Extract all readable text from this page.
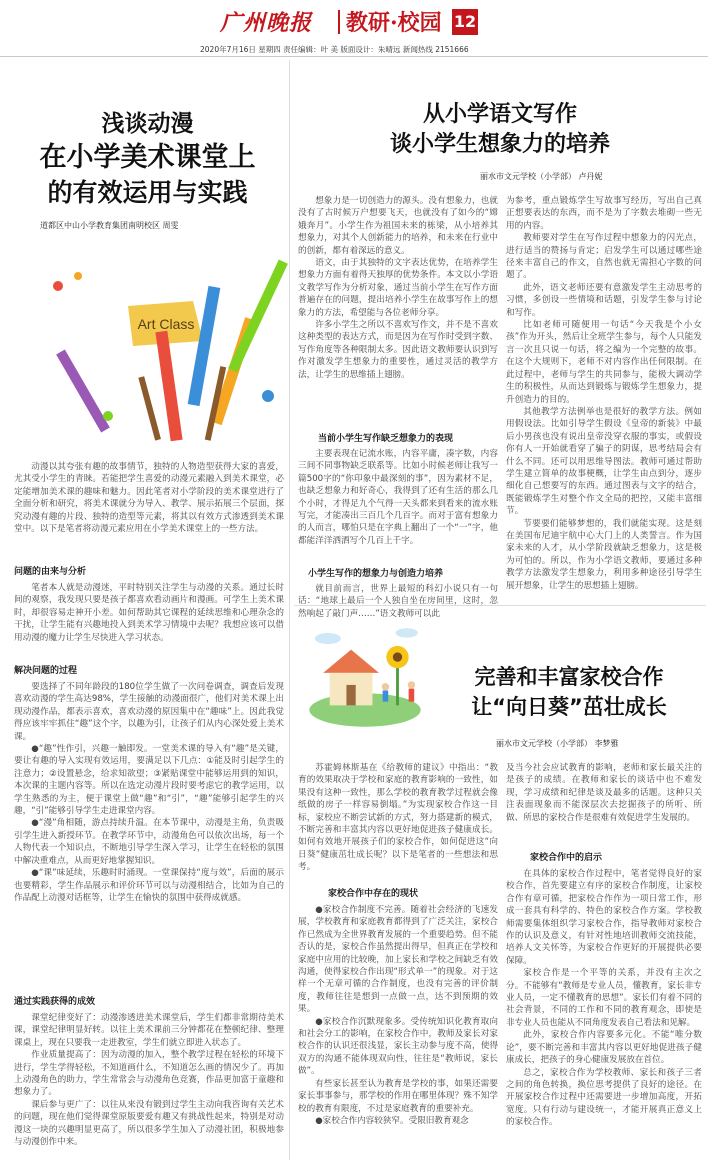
广州晚报 教研·校园 12
2020年7月16日 星期四 责任编辑：叶 美 版面设计：朱晴远 新闻热线 2151666
浅谈动漫
在小学美术课堂上
的有效运用与实践
道都区中山小学教育集团南明校区 周雯
Art Class

动漫以其夸张有趣的故事情节，独特的人物造型获得大家的喜爱，尤其受小学生的青睐。若能把学生喜爱的动漫元素融入到美术课堂，必定能增加美术课的趣味和魅力。因此笔者对小学阶段的美术课堂进行了全面分析和研究，将美术课就分为导入、教学、展示拓展三个层面，探究动漫有趣的片段、独特的造型等元素，将其以有效方式渗透到美术课堂中。以下是笔者将动漫元素应用在小学美术课堂上的一些方法。

问题的由来与分析

笔者本人就是动漫迷，平时特别关注学生与动漫的关系。通过长时间的观察，我发现只要是孩子都喜欢看动画片和漫画。可学生上美术课时，却很容易走神开小差。如何帮助其它课程的延续思维和心理杂念的干扰，让学生能有兴趣地投入到美术学习情境中去呢？我想应该可以借用动漫的魔力让学生尽快进入学习状态。

解决问题的过程

要选择了不同年龄段的180位学生做了一次问卷调查，调查后发现喜欢动漫的学生高达98%，学生接触的动漫面很广，他们对美术课上出现动漫作品，都表示喜欢，喜欢动漫的原因集中在“趣味”上。因此我觉得应该牢牢抓住“趣”这个字，以趣为引，让孩子们从内心深处爱上美术课。

●“趣”性作引，兴趣一触即发。一堂美术课的导入有“趣”是关键，要让有趣的导入实现有效运用，要满足以下几点：①能及时引起学生的注意力；②设置悬念，给求知欲望；③紧贴课堂中能够运用到的知识，本次课的主题内容等。所以在选定动漫片段时要考虑它的教学运用，以学生熟悉的为主，便于课堂上做“趣”和“引”，“趣”能够引起学生的兴趣，“引”能够引导学生走进课堂内容。

●“漫”角相随，游点持续升温。在本节课中，动漫是主角，负责吸引学生进入新授环节。在教学环节中，动漫角色可以依次出场，每一个人物代表一个知识点，不断地引导学生深入学习，让学生在轻松的氛围中解决重难点，从而更好地掌握知识。

●“课”味延续，乐趣时时涌现。一堂课保持“度与效”，后面的展示也要精彩，学生作品展示和评价环节可以与动漫相结合，比如为自己的作品配上动漫对话框等，让学生在愉快的氛围中获得成就感。

通过实践获得的成效

课堂纪律变好了：动漫渗透进美术课堂后，学生们都非常期待美术课，课堂纪律明显好转。以往上美术课前三分钟都花在整顿纪律、整理课桌上，现在只要我一走进教室，学生们就立即进入状态了。

作业质量提高了：因为动漫的加入，整个教学过程在轻松的环境下进行，学生学得轻松，不知道画什么，不知道怎么画的情况少了。再加上动漫角色的助力，学生常常会与动漫角色竞赛，作品更加富于童趣和想象力了。

课后参与更广了：以往从来没有锻到过学生主动向我咨询有关艺术的问题，现在他们觉得课堂原版要爱有趣又有挑战性起来，特别是对动漫这一块的兴趣明显更高了，所以很多学生加入了动漫社团，积极地参与动漫创作中来。

从小学语文写作
谈小学生想象力的培养
丽水市文元学校（小学部） 卢丹妮

想象力是一切创造力的源头。没有想象力，也就没有了古时候万户想要飞天，也就没有了如今的“嫦娥奔月”。小学生作为祖国未来的栋梁，从小培养其想象力，对其个人创新能力的培养，和未来在行业中的创新，都有着深远的意义。

语文，由于其独特的文字表达优势，在培养学生想象力方面有着得天独厚的优势条件。本文以小学语文教学写作为分析对象，通过当前小学生在写作方面普遍存在的问题，提出培养小学生在故事写作上的想象力的方法，希望能与各位老师分享。

许多小学生之所以不喜欢写作文，并不是不喜欢这种类型的表达方式，而是因为在写作时受到字数、写作角度等各种限制太多。因此语文教师要认识到写作对激发学生想象力的重要性，通过灵活的教学方法，让学生的思维插上翅膀。

当前小学生写作缺乏想象力的表现

主要表现在记流水账，内容平庸，凑字数，内容三间不同事物缺乏联系等。比如小时候老师让我写一篇500字的“你印象中最深刻的事”，因为素材不足，也缺乏想象力和好奇心，我得到了还有生活的那么几个小时，才得足九个气得一天头都来到看来的流水账写完，才能凑出三百几个几百字。而对于富有想象力的人而言，哪怕只是在字典上翻出了一个“一”字，他都能洋洋洒洒写个几百上千字。

小学生写作的想象力与创造力培养

就目前而言，世界上最短的科幻小说只有一句话：“地球上最后一个人独自坐在房间里，这时，忽然响起了敲门声……”语文教师可以此

为参考，重点锻炼学生写故事写经历，写出自己真正想要表达的东西，而不是为了字数去堆砌一些无用的内容。

教师要对学生在写作过程中想象力的闪光点，进行适当的赞扬与肯定；启发学生可以通过哪些途径来丰富自己的作文，自然也就无需担心字数的问题了。

此外，语文老师还要有意激发学生主动思考的习惯，多创设一些情境和话题，引发学生参与讨论和写作。

比如老师可随便用一句话“今天我是个小女孩”作为开头，然后让全班学生参与，每个人只能发言一次且只说一句话，将之编为一个完整的故事。在这个大规则下，老师不对内容作出任何限制。在此过程中，老师与学生的共同参与，能极大调动学生的积极性，从而达到锻炼与锻炼学生想象力，提升创造力的目的。

其他教学方法例举也是很好的教学方法。例如用假设法。比如引导学生假设《皇帝的新装》中最后小男孩也没有说出皇帝没穿衣服的事实，或假设你有人一开始就看穿了骗子的阴谋，思考结局会有什么不同。还可以用思维导图法。教师可通过帮助学生建立简单的故事梗概，让学生由点到分，逐步细化自己想要写的东西。通过图表与文字的结合，既能锻炼学生对整个作文全局的把控，又能丰富细节。

节要要们能够梦想的，我们就能实现。这是刻在美国布尼迪宇航中心大门上的人类誓言。作为国家未来的人才，从小学阶段就缺乏想象力，这是极为可怕的。所以，作为小学语文教师，要通过多种教学方法激发学生想象力，利用多种途径引导学生展开想象，让学生的思想插上翅膀。

完善和丰富家校合作
让“向日葵”茁壮成长
丽水市文元学校（小学部） 李梦雅

苏霍姆林斯基在《给教师的建议》中指出：“教育的效果取决于学校和家庭的教育影响的一致性，如果没有这种一致性，那么学校的教育教学过程就会像纸做的房子一样容易倒塌。”为实现家校合作这一目标，家校应不断尝试新的方式，努力搭建新的模式，不断完善和丰富其内容以更好地促进孩子健康成长。如何有效地开展孩子们的家校合作，如何促进这“向日葵”健康茁壮成长呢？以下是笔者的一些想法和思考。

家校合作中存在的现状

●家校合作制度不完善。随着社会经济的飞速发展，学校教育和家庭教育都得到了广泛关注，家校合作已然成为全世界教育发展的一个重要趋势。但不能否认的是，家校合作虽然提出得早，但真正在学校和家庭中应用的比较晚，加上家长和学校之间缺乏有效沟通，使得家校合作出现“形式单一”的现象。对于这样一个无章可循的合作制度，也没有完善的评价制度，教师往往是想到一点做一点，达不到预期的效果。

●家校合作沉默现象多。受传统知识化教育取向和社会分工的影响，在家校合作中，教师及家长对家校合作的认识还很浅显，家长主动参与度不高，使得双方的沟通不能体现双向性，往往是“教师说，家长做”。

有些家长甚至认为教育是学校的事，如果还需要家长事事参与，那学校的作用在哪里体现？殊不知学校的教育有限度，不过是家庭教育的重要补充。

●家校合作内容较狭窄。受限旧教育观念

及当今社会应试教育的影响，老师和家长最关注的是孩子的成绩。在教师和家长的谈话中也不难发现，学习成绩和纪律是谈及最多的话题。这种只关注表面现象而不能深层次去挖掘孩子的所听、所做、所思的家校合作是很难有效促进学生发展的。

家校合作中的启示

在具体的家校合作过程中，笔者觉得良好的家校合作，首先要建立有序的家校合作制度，让家校合作有章可循，把家校合作作为一项日常工作，形成一套具有科学的、特色的家校合作方案。学校教师需要集体组织学习家校合作，指导教师对家校合作的认识及意义，有针对性地培训教师交流技能，培养人文关怀等，为家校合作更好的开展提供必要保障。

家校合作是一个平等的关系，并没有主次之分。不能够有“教师是专业人员，懂教育，家长非专业人员，一定不懂教育的思想”。家长们有着不同的社会背景，不同的工作和不同的教育观念，即使是非专业人员也能从不同角度发表自己看法和见解。

此外，家校合作内容要多元化。不能“唯分数论”，要不断完善和丰富其内容以更好地促进孩子健康成长，把孩子的身心健康发展放在首位。

总之，家校合作为学校教师、家长和孩子三者之间的角色转换，换位思考提供了良好的途径。在开展家校合作过程中还需要进一步增加高度，开拓宽度。只有行动与建设统一，才能开展真正意义上的家校合作。
